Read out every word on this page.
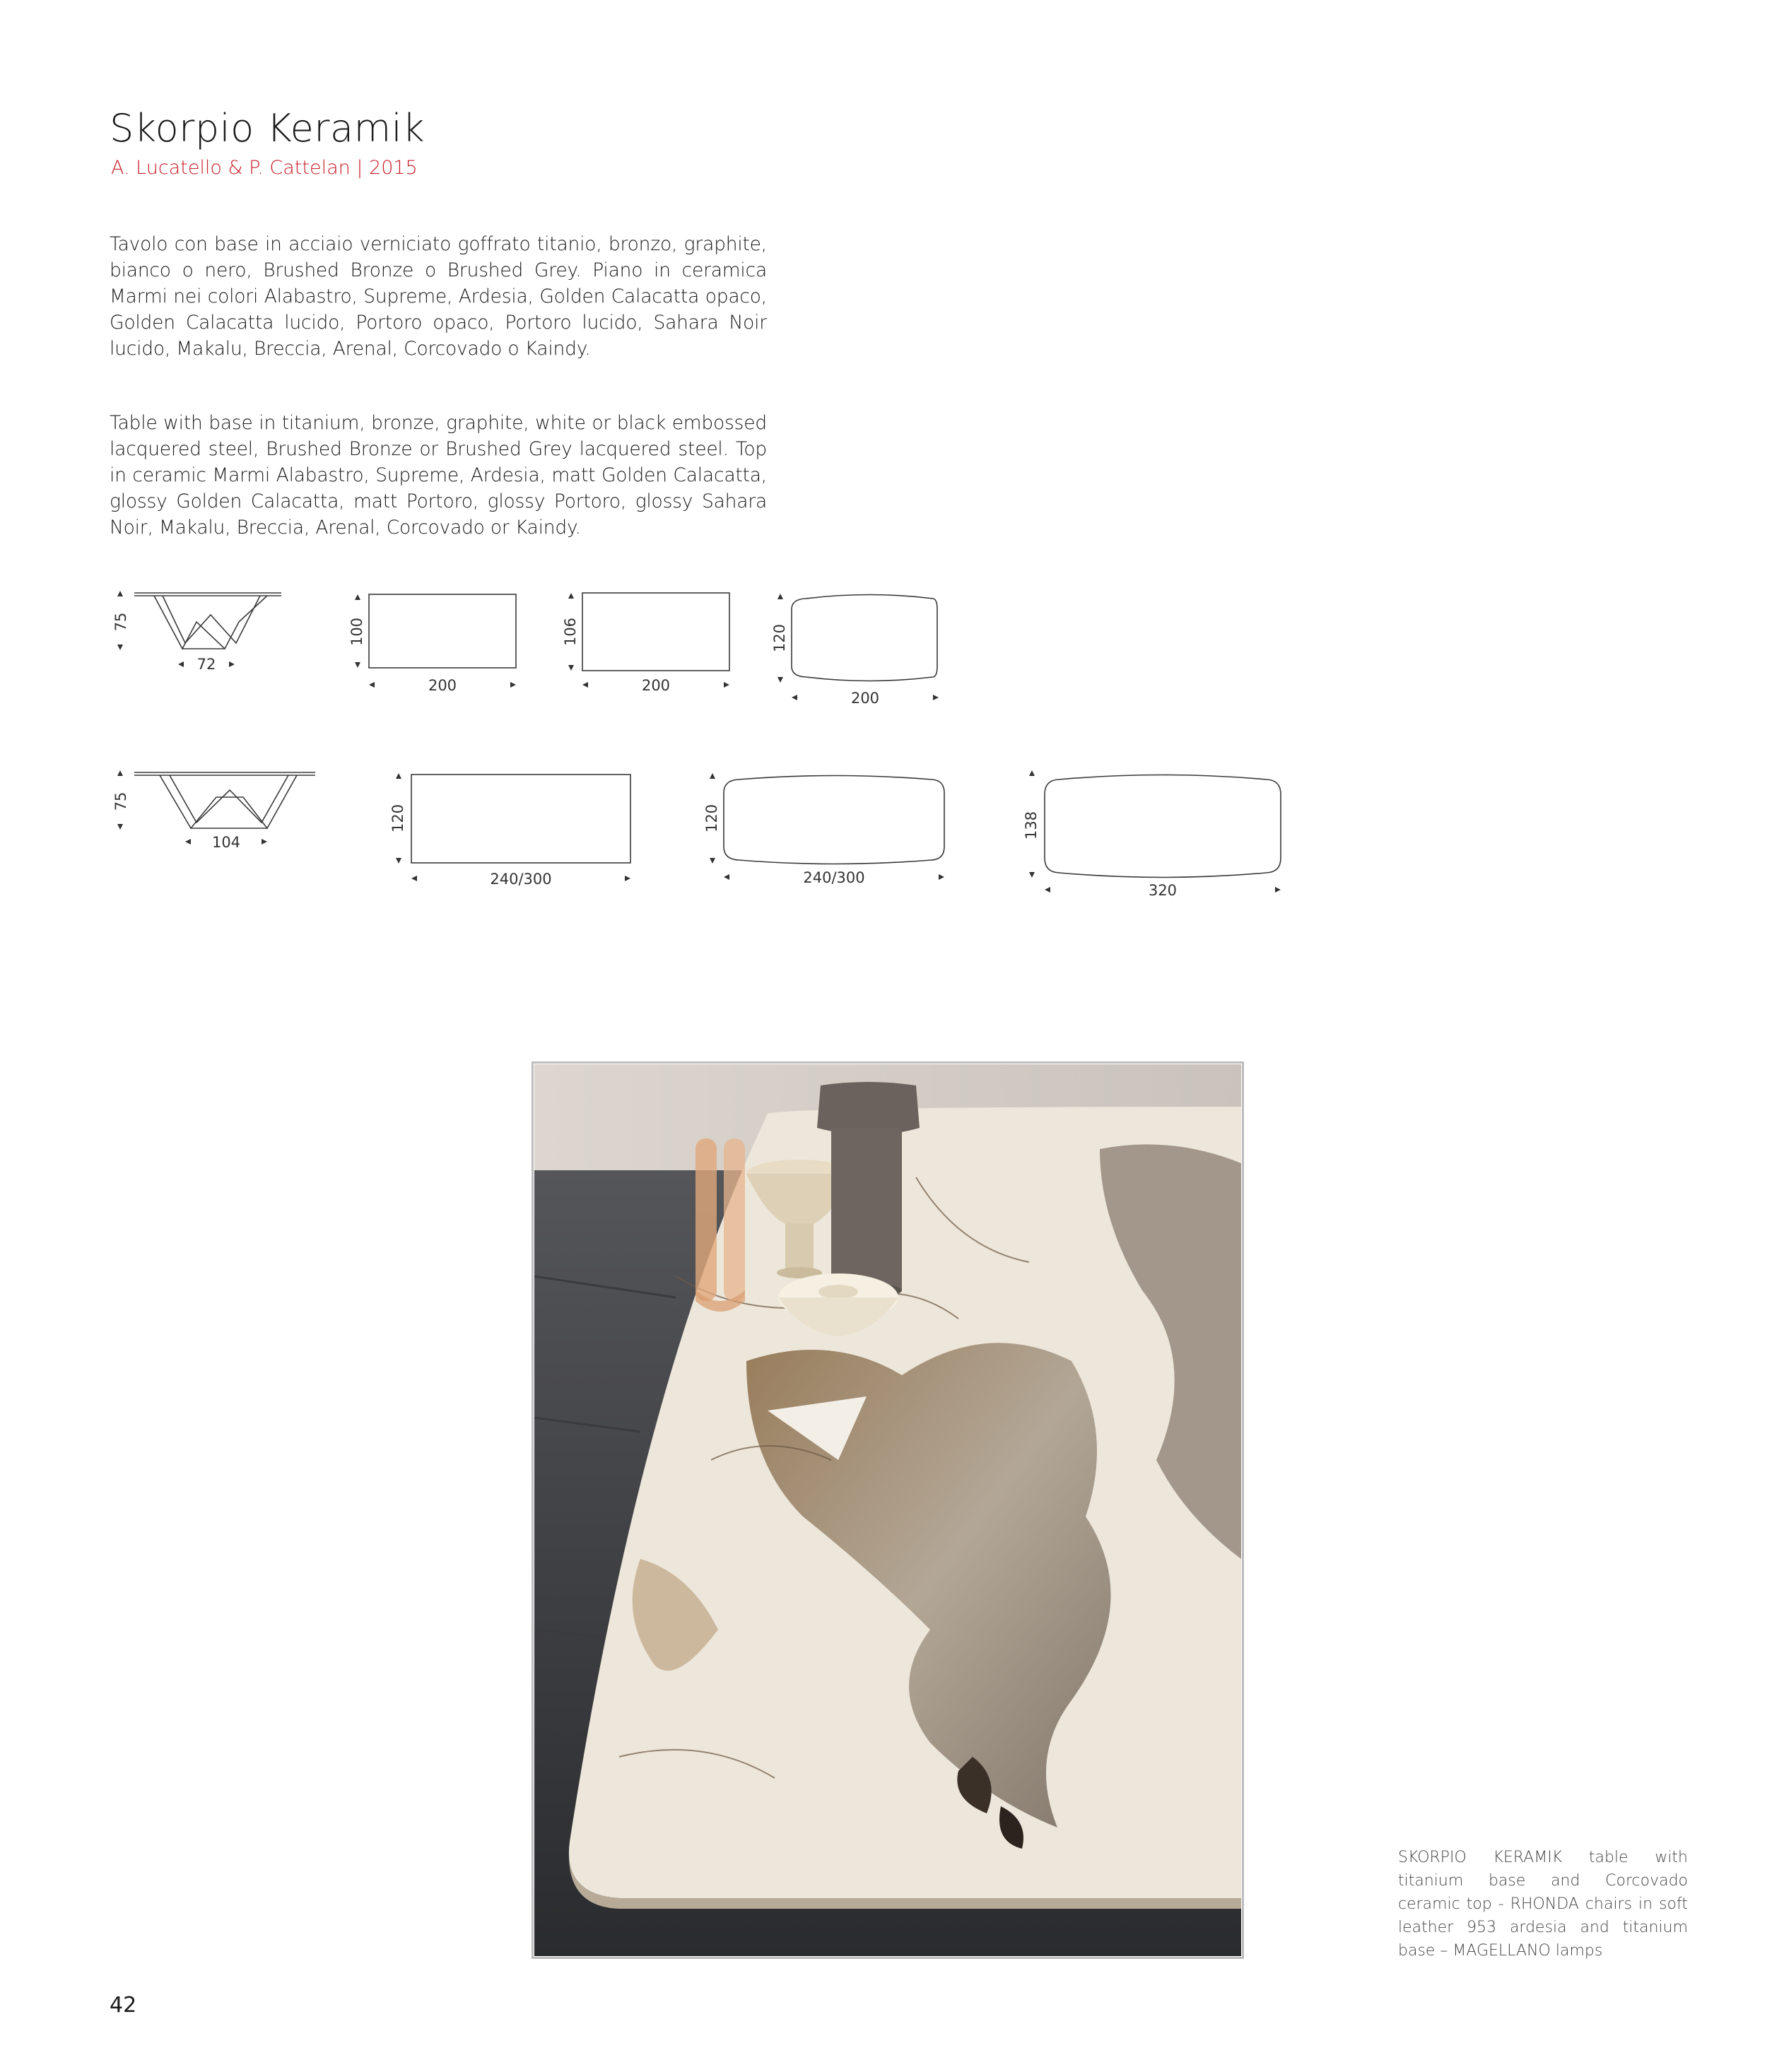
Skorpio Keramik
A. Lucatello & P. Cattelan | 2015
Tavolo con base in acciaio verniciato goffrato titanio, bronzo, graphite, bianco o nero, Brushed Bronze o Brushed Grey. Piano in ceramica Marmi nei colori Alabastro, Supreme, Ardesia, Golden Calacatta opaco, Golden Calacatta lucido, Portoro opaco, Portoro lucido, Sahara Noir lucido, Makalu, Breccia, Arenal, Corcovado o Kaindy.
Table with base in titanium, bronze, graphite, white or black embossed lacquered steel, Brushed Bronze or Brushed Grey lacquered steel. Top in ceramic Marmi Alabastro, Supreme, Ardesia, matt Golden Calacatta, glossy Golden Calacatta, matt Portoro, glossy Portoro, glossy Sahara Noir, Makalu, Breccia, Arenal, Corcovado or Kaindy.
75
72
100
200
106
200
120
200
75
104
120
240/300
120
240/300
138
320
SKORPIO KERAMIK table with titanium base and Corcovado ceramic top - RHONDA chairs in soft leather 953 ardesia and titanium base – MAGELLANO lamps
42
